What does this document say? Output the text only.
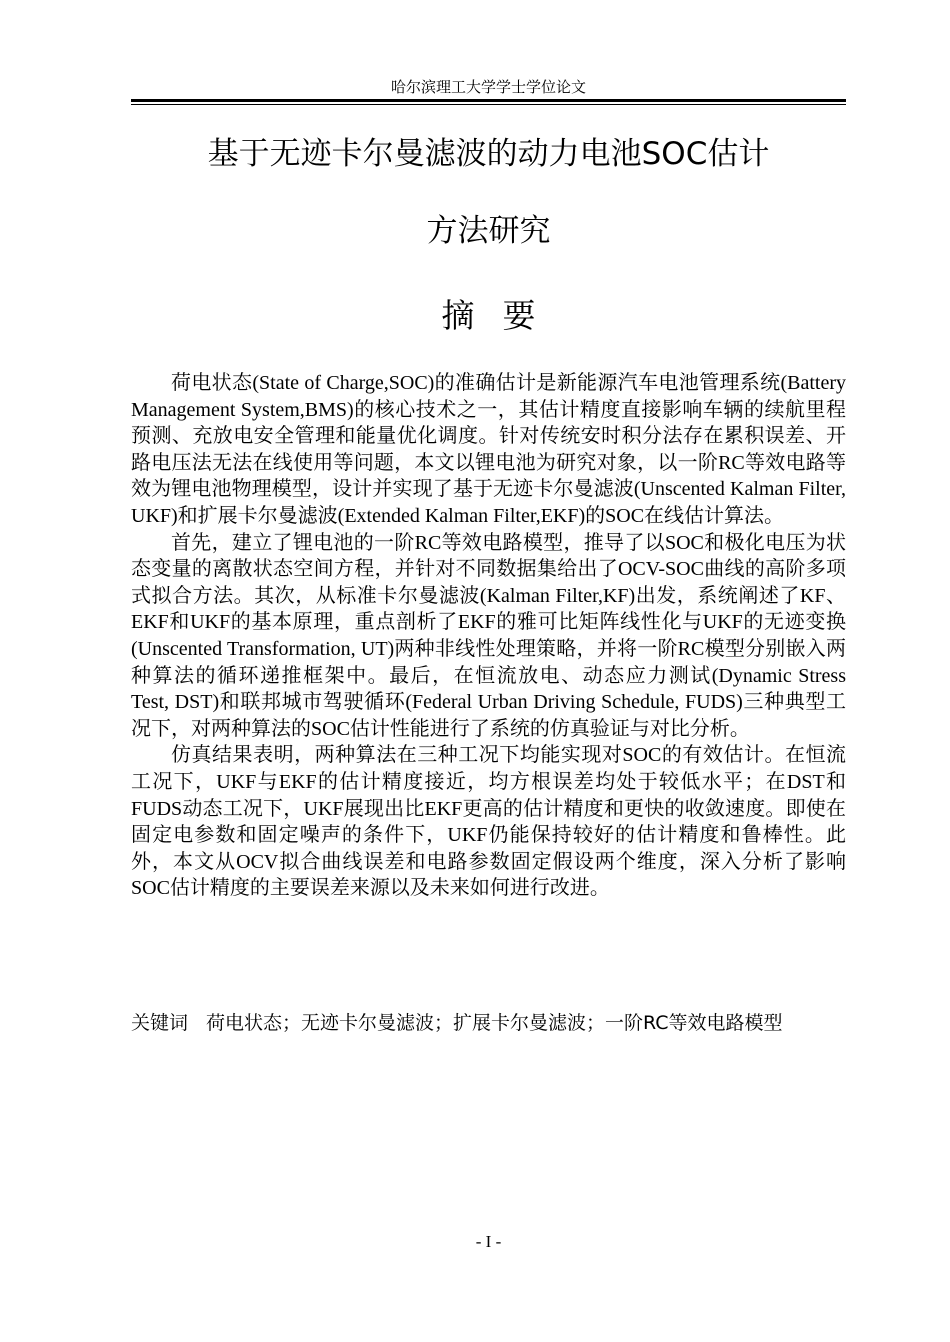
哈尔滨理工大学学士学位论文
基于无迹卡尔曼滤波的动力电池SOC估计
方法研究
摘要

荷电状态(State of Charge,SOC)的准确估计是新能源汽车电池管理系统(Battery Management System,BMS)的核心技术之一，其估计精度直接影响车辆的续航里程预测、充放电安全管理和能量优化调度。针对传统安时积分法存在累积误差、开路电压法无法在线使用等问题，本文以锂电池为研究对象，以一阶RC等效电路等效为锂电池物理模型，设计并实现了基于无迹卡尔曼滤波(Unscented Kalman Filter, UKF)和扩展卡尔曼滤波(Extended Kalman Filter,EKF)的SOC在线估计算法。

首先，建立了锂电池的一阶RC等效电路模型，推导了以SOC和极化电压为状态变量的离散状态空间方程，并针对不同数据集给出了OCV-SOC曲线的高阶多项式拟合方法。其次，从标准卡尔曼滤波(Kalman Filter,KF)出发，系统阐述了KF、EKF和UKF的基本原理，重点剖析了EKF的雅可比矩阵线性化与UKF的无迹变换(Unscented Transformation, UT)两种非线性处理策略，并将一阶RC模型分别嵌入两种算法的循环递推框架中。最后，在恒流放电、动态应力测试(Dynamic Stress Test, DST)和联邦城市驾驶循环(Federal Urban Driving Schedule, FUDS)三种典型工况下，对两种算法的SOC估计性能进行了系统的仿真验证与对比分析。

仿真结果表明，两种算法在三种工况下均能实现对SOC的有效估计。在恒流工况下，UKF与EKF的估计精度接近，均方根误差均处于较低水平；在DST和FUDS动态工况下，UKF展现出比EKF更高的估计精度和更快的收敛速度。即使在固定电参数和固定噪声的条件下，UKF仍能保持较好的估计精度和鲁棒性。此外，本文从OCV拟合曲线误差和电路参数固定假设两个维度，深入分析了影响SOC估计精度的主要误差来源以及未来如何进行改进。

关键词 荷电状态；无迹卡尔曼滤波；扩展卡尔曼滤波；一阶RC等效电路模型
- I -
